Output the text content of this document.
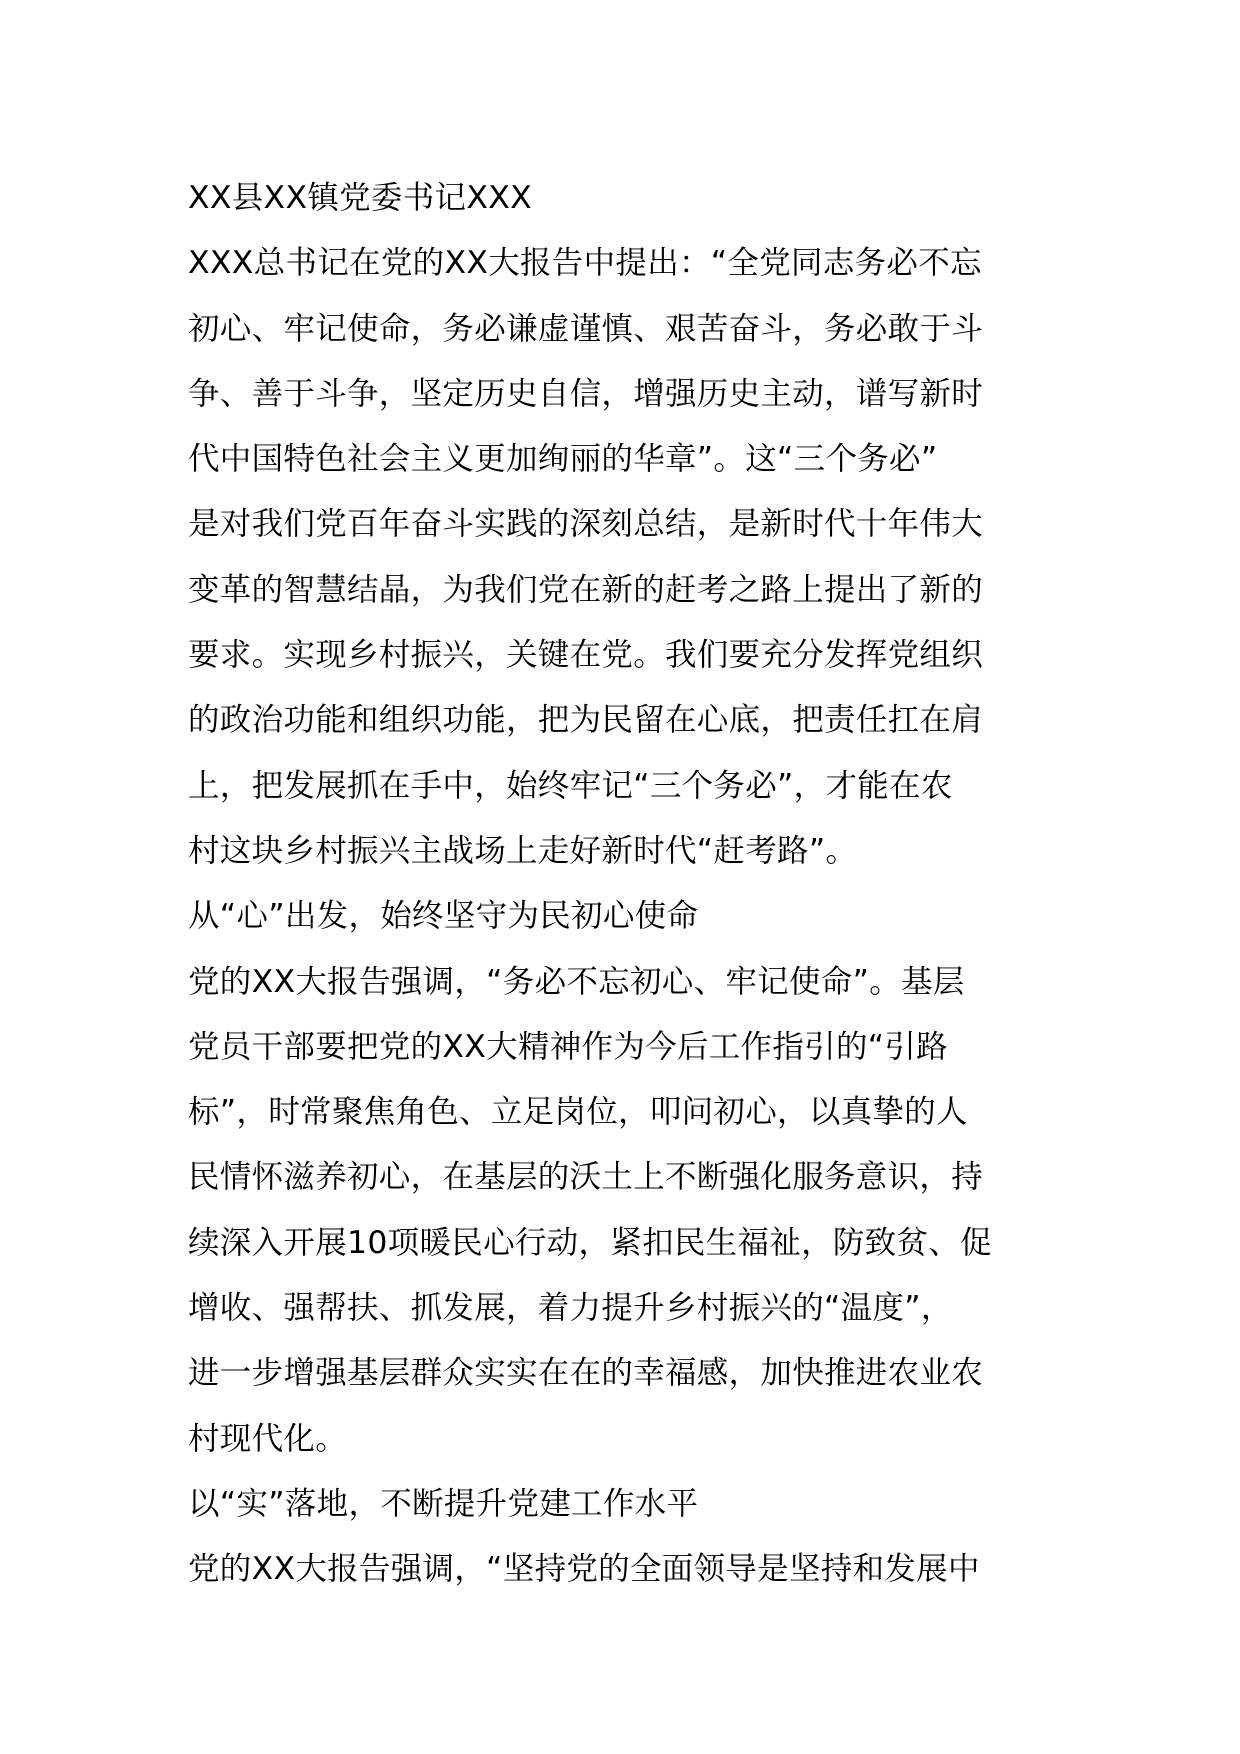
XX县XX镇党委书记XXX
XXX总书记在党的XX大报告中提出：“全党同志务必不忘
初心、牢记使命，务必谦虚谨慎、艰苦奋斗，务必敢于斗
争、善于斗争，坚定历史自信，增强历史主动，谱写新时
代中国特色社会主义更加绚丽的华章”。这“三个务必”
是对我们党百年奋斗实践的深刻总结，是新时代十年伟大
变革的智慧结晶，为我们党在新的赶考之路上提出了新的
要求。实现乡村振兴，关键在党。我们要充分发挥党组织
的政治功能和组织功能，把为民留在心底，把责任扛在肩
上，把发展抓在手中，始终牢记“三个务必”，才能在农
村这块乡村振兴主战场上走好新时代“赶考路”。
从“心”出发，始终坚守为民初心使命
党的XX大报告强调，“务必不忘初心、牢记使命”。基层
党员干部要把党的XX大精神作为今后工作指引的“引路
标”，时常聚焦角色、立足岗位，叩问初心，以真挚的人
民情怀滋养初心，在基层的沃土上不断强化服务意识，持
续深入开展10项暖民心行动，紧扣民生福祉，防致贫、促
增收、强帮扶、抓发展，着力提升乡村振兴的“温度”，
进一步增强基层群众实实在在的幸福感，加快推进农业农
村现代化。
以“实”落地，不断提升党建工作水平
党的XX大报告强调，“坚持党的全面领导是坚持和发展中
